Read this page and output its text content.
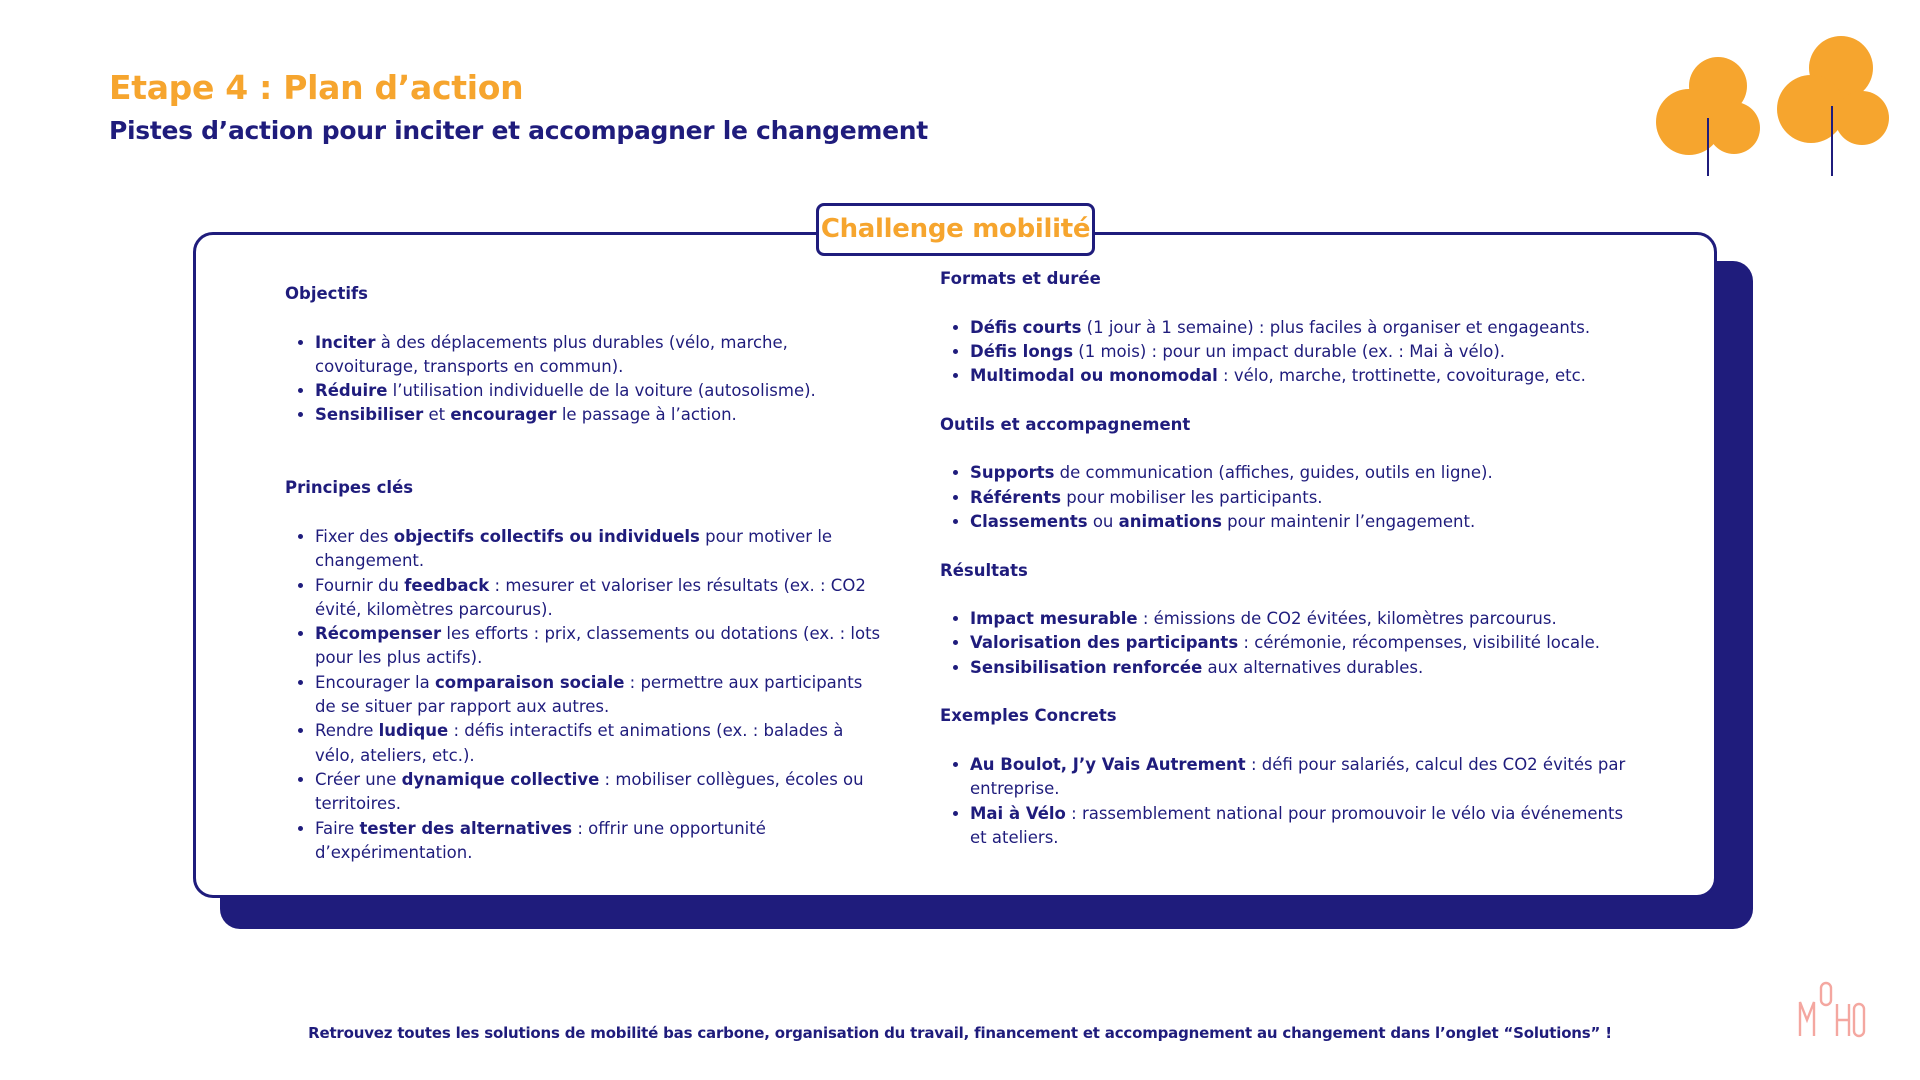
Etape 4 : Plan d’action
Pistes d’action pour inciter et accompagner le changement
Challenge mobilité
Objectifs
• Inciter à des déplacements plus durables (vélo, marche, covoiturage, transports en commun).
• Réduire l’utilisation individuelle de la voiture (autosolisme).
• Sensibiliser et encourager le passage à l’action.
Principes clés
• Fixer des objectifs collectifs ou individuels pour motiver le changement.
• Fournir du feedback : mesurer et valoriser les résultats (ex. : CO2 évité, kilomètres parcourus).
• Récompenser les efforts : prix, classements ou dotations (ex. : lots pour les plus actifs).
• Encourager la comparaison sociale : permettre aux participants de se situer par rapport aux autres.
• Rendre ludique : défis interactifs et animations (ex. : balades à vélo, ateliers, etc.).
• Créer une dynamique collective : mobiliser collègues, écoles ou territoires.
• Faire tester des alternatives : offrir une opportunité d’expérimentation.
Formats et durée
• Défis courts (1 jour à 1 semaine) : plus faciles à organiser et engageants.
• Défis longs (1 mois) : pour un impact durable (ex. : Mai à vélo).
• Multimodal ou monomodal : vélo, marche, trottinette, covoiturage, etc.
Outils et accompagnement
• Supports de communication (affiches, guides, outils en ligne).
• Référents pour mobiliser les participants.
• Classements ou animations pour maintenir l’engagement.
Résultats
• Impact mesurable : émissions de CO2 évitées, kilomètres parcourus.
• Valorisation des participants : cérémonie, récompenses, visibilité locale.
• Sensibilisation renforcée aux alternatives durables.
Exemples Concrets
• Au Boulot, J’y Vais Autrement : défi pour salariés, calcul des CO2 évités par entreprise.
• Mai à Vélo : rassemblement national pour promouvoir le vélo via événements et ateliers.
Retrouvez toutes les solutions de mobilité bas carbone, organisation du travail, financement et accompagnement au changement dans l’onglet “Solutions” !
